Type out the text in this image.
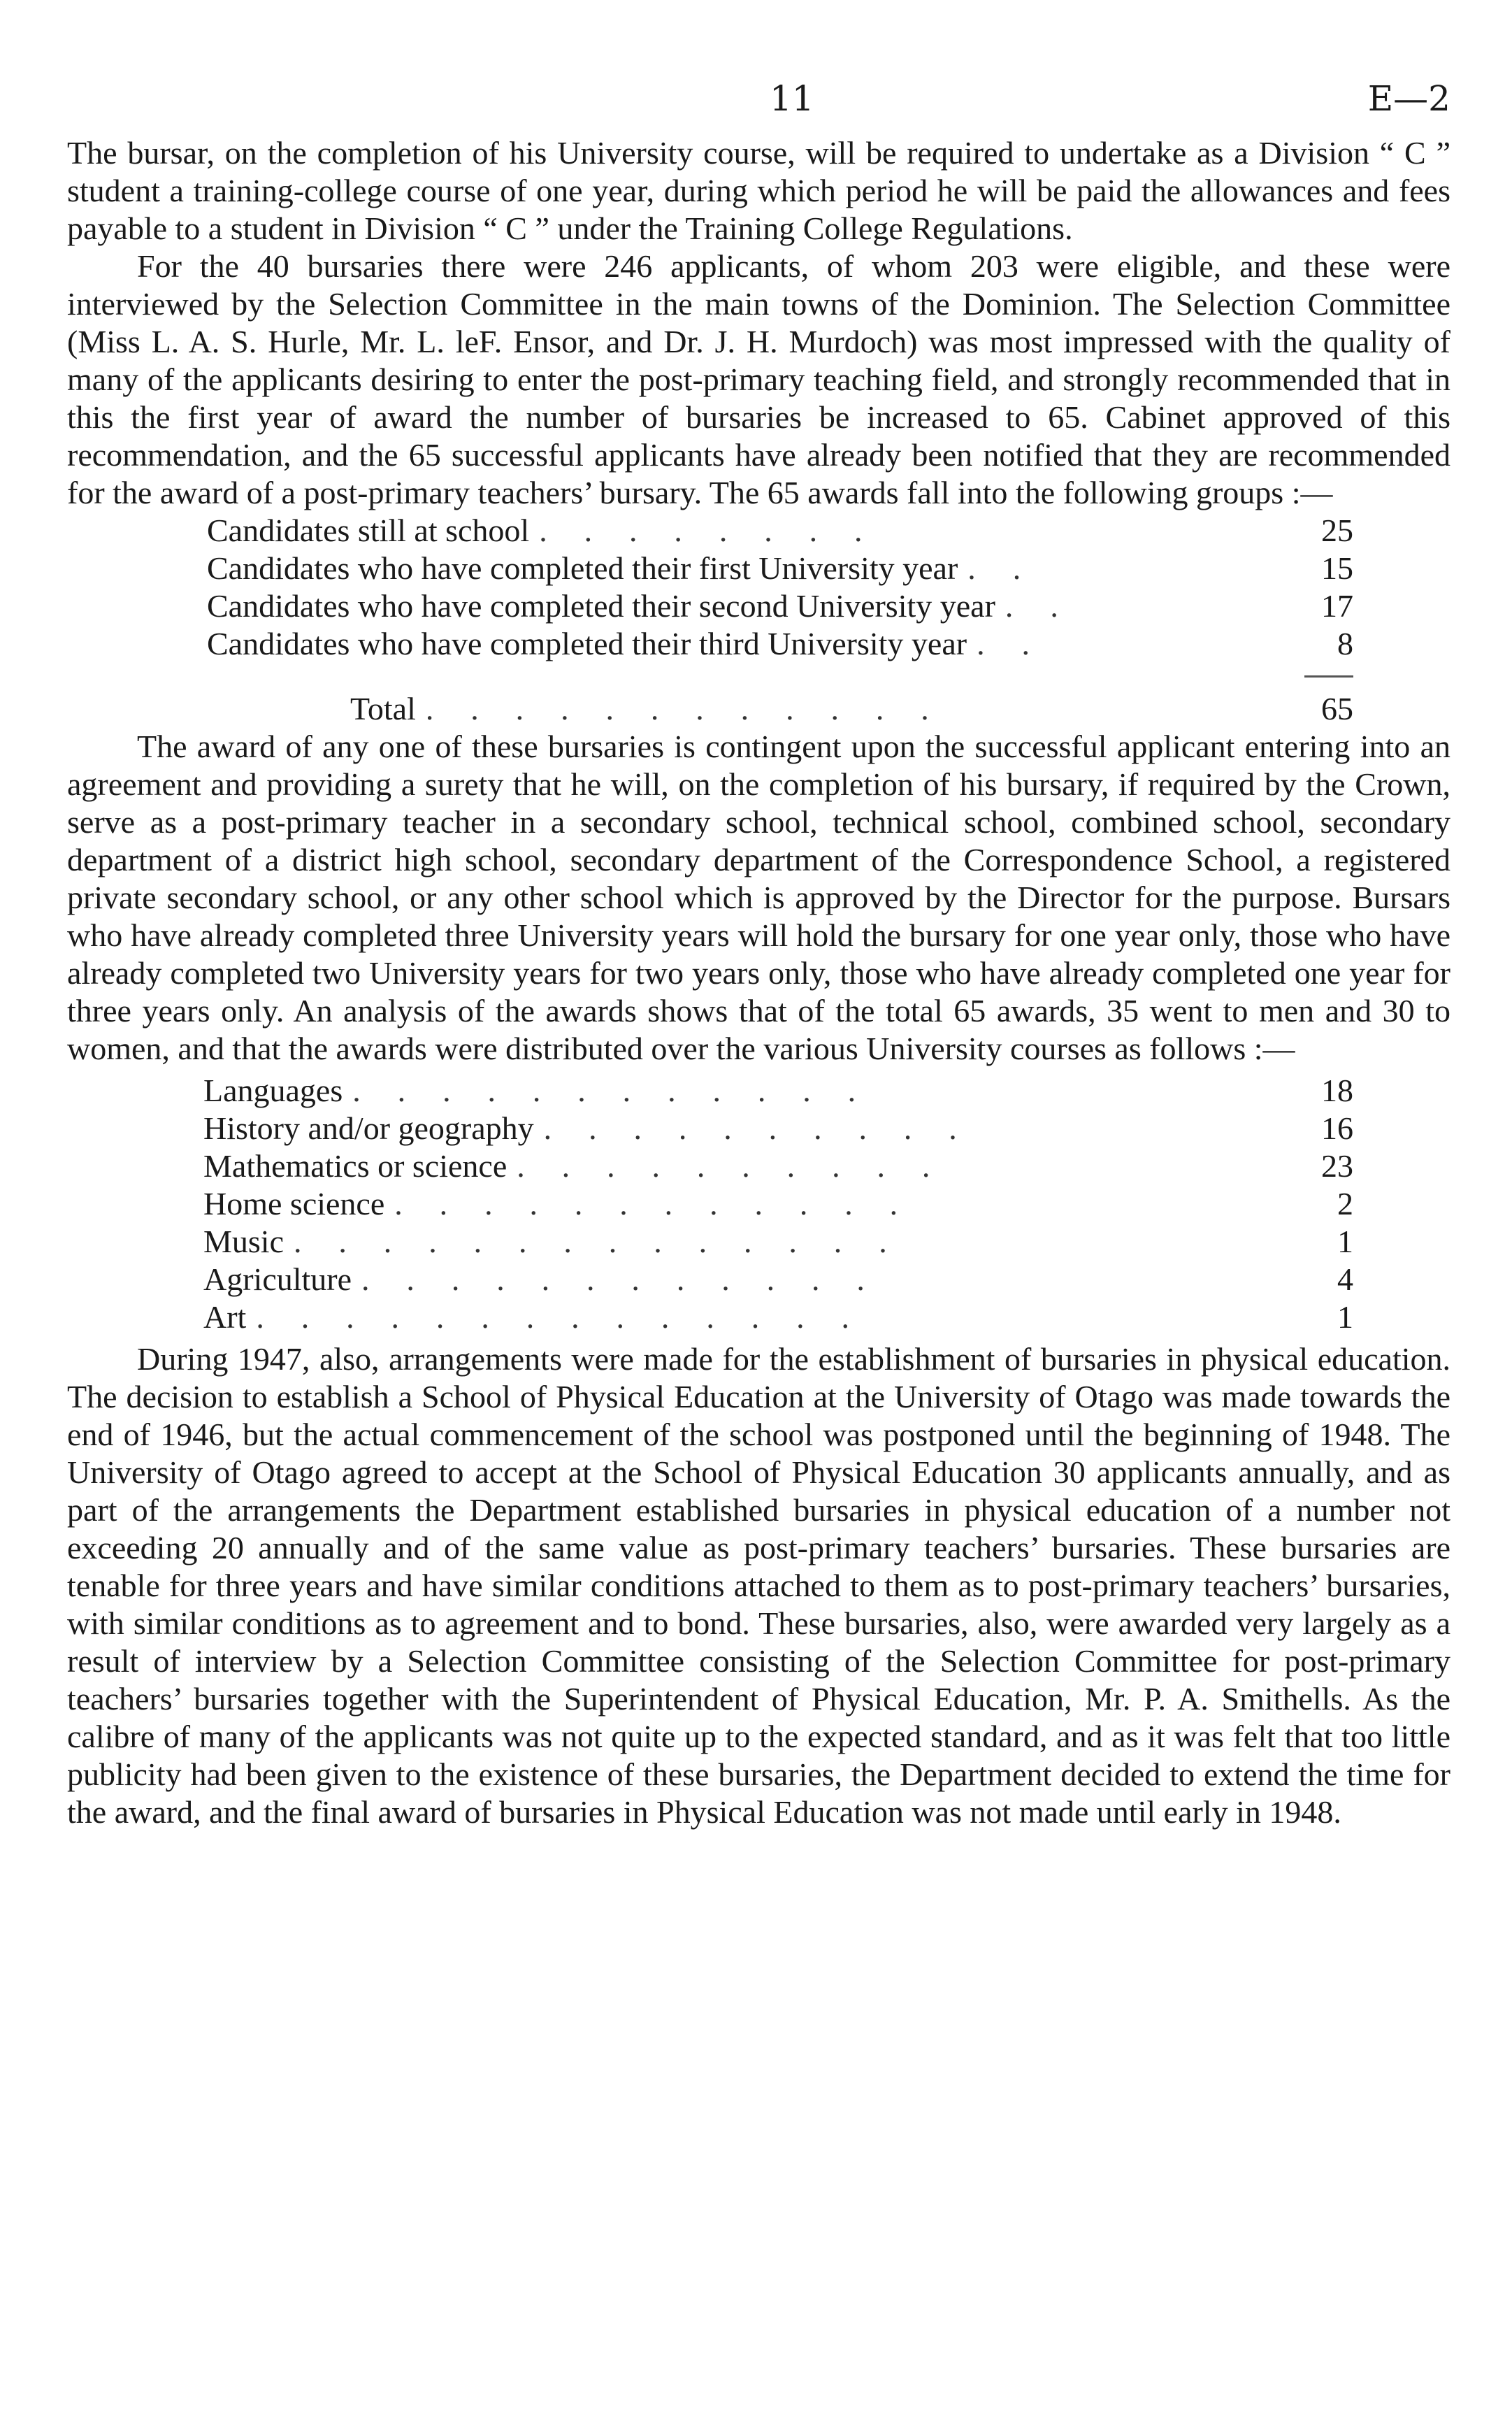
11	E—2

The bursar, on the completion of his University course, will be required to undertake as a Division “ C ” student a training-college course of one year, during which period he will be paid the allowances and fees payable to a student in Division “ C ” under the Training College Regulations.

For the 40 bursaries there were 246 applicants, of whom 203 were eligible, and these were interviewed by the Selection Committee in the main towns of the Dominion. The Selection Committee (Miss L. A. S. Hurle, Mr. L. leF. Ensor, and Dr. J. H. Murdoch) was most impressed with the quality of many of the applicants desiring to enter the post-primary teaching field, and strongly recommended that in this the first year of award the number of bursaries be increased to 65. Cabinet approved of this recommendation, and the 65 successful applicants have already been notified that they are recommended for the award of a post-primary teachers’ bursary. The 65 awards fall into the following groups :—

Candidates still at school . . . . . . . .	25
Candidates who have completed their first University year . .	15
Candidates who have completed their second University year . .	17
Candidates who have completed their third University year . .	8
Total . . . . . . . . . . . .	65

The award of any one of these bursaries is contingent upon the successful applicant entering into an agreement and providing a surety that he will, on the completion of his bursary, if required by the Crown, serve as a post-primary teacher in a secondary school, technical school, combined school, secondary department of a district high school, secondary department of the Correspondence School, a registered private secondary school, or any other school which is approved by the Director for the purpose. Bursars who have already completed three University years will hold the bursary for one year only, those who have already completed two University years for two years only, those who have already completed one year for three years only. An analysis of the awards shows that of the total 65 awards, 35 went to men and 30 to women, and that the awards were distributed over the various University courses as follows :—

Languages . . . . . . . . . . . .	18
History and/or geography . . . . . . . . . .	16
Mathematics or science . . . . . . . . . .	23
Home science . . . . . . . . . . . .	2
Music . . . . . . . . . . . . . .	1
Agriculture . . . . . . . . . . . .	4
Art . . . . . . . . . . . . . .	1

During 1947, also, arrangements were made for the establishment of bursaries in physical education. The decision to establish a School of Physical Education at the University of Otago was made towards the end of 1946, but the actual commencement of the school was postponed until the beginning of 1948. The University of Otago agreed to accept at the School of Physical Education 30 applicants annually, and as part of the arrangements the Department established bursaries in physical education of a number not exceeding 20 annually and of the same value as post-primary teachers’ bursaries. These bursaries are tenable for three years and have similar conditions attached to them as to post-primary teachers’ bursaries, with similar conditions as to agreement and to bond. These bursaries, also, were awarded very largely as a result of interview by a Selection Committee consisting of the Selection Committee for post-primary teachers’ bursaries together with the Superintendent of Physical Education, Mr. P. A. Smithells. As the calibre of many of the applicants was not quite up to the expected standard, and as it was felt that too little publicity had been given to the existence of these bursaries, the Department decided to extend the time for the award, and the final award of bursaries in Physical Education was not made until early in 1948.
